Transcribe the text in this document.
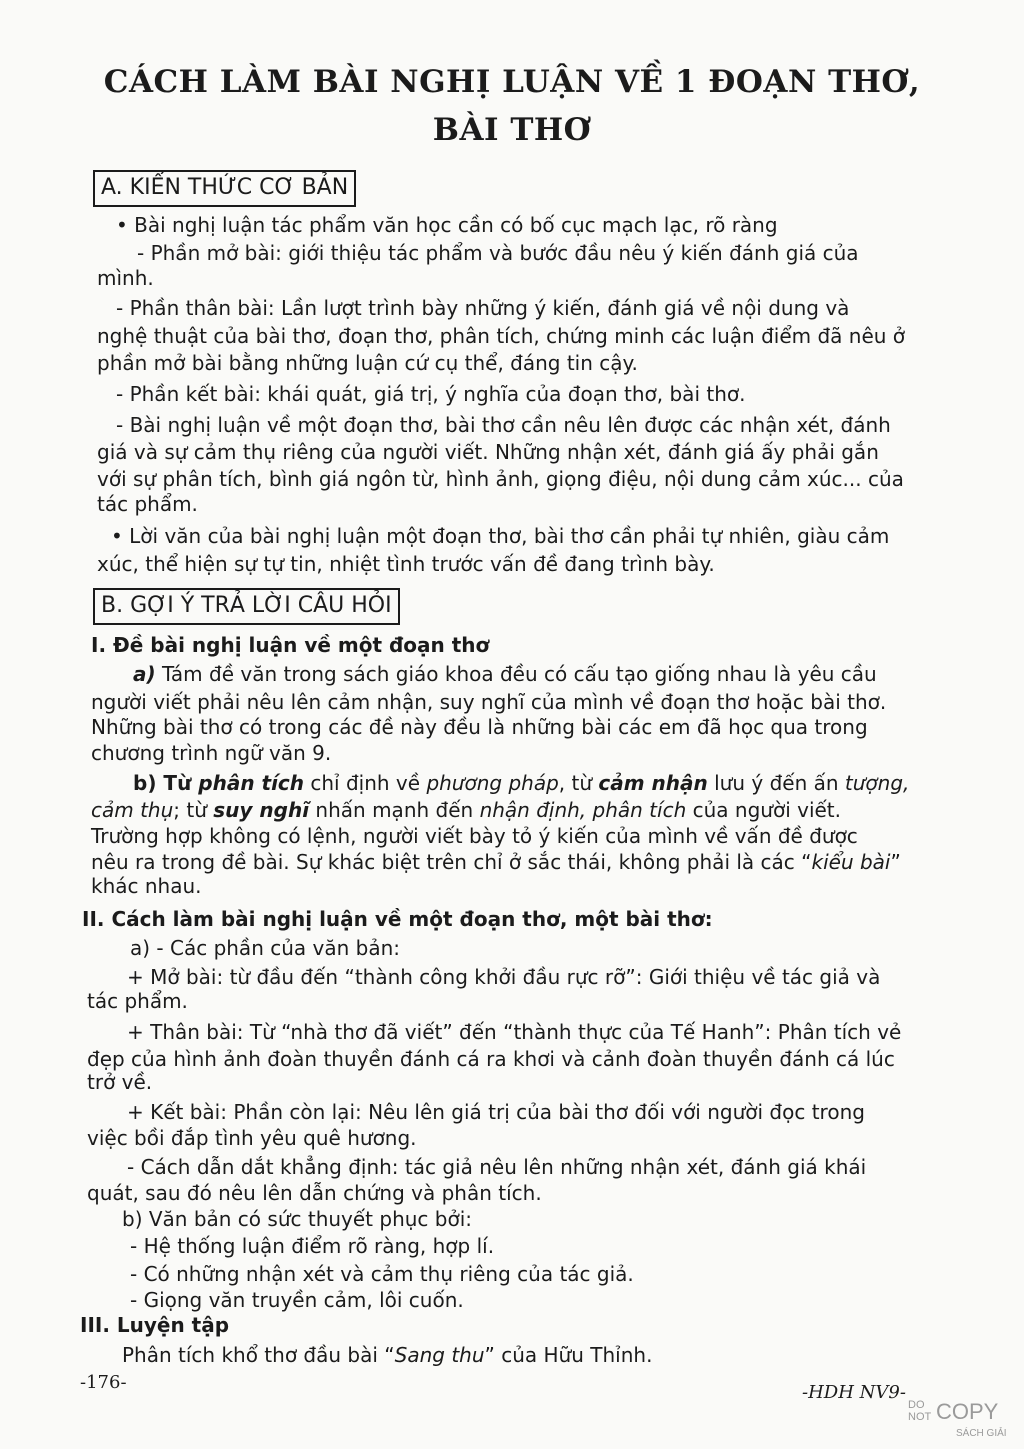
CÁCH LÀM BÀI NGHỊ LUẬN VỀ 1 ĐOẠN THƠ,
BÀI THƠ
A. KIẾN THỨC CƠ BẢN
• Bài nghị luận tác phẩm văn học cần có bố cục mạch lạc, rõ ràng
- Phần mở bài: giới thiệu tác phẩm và bước đầu nêu ý kiến đánh giá của
mình.
- Phần thân bài: Lần lượt trình bày những ý kiến, đánh giá về nội dung và
nghệ thuật của bài thơ, đoạn thơ, phân tích, chứng minh các luận điểm đã nêu ở
phần mở bài bằng những luận cứ cụ thể, đáng tin cậy.
- Phần kết bài: khái quát, giá trị, ý nghĩa của đoạn thơ, bài thơ.
- Bài nghị luận về một đoạn thơ, bài thơ cần nêu lên được các nhận xét, đánh
giá và sự cảm thụ riêng của người viết. Những nhận xét, đánh giá ấy phải gắn
với sự phân tích, bình giá ngôn từ, hình ảnh, giọng điệu, nội dung cảm xúc... của
tác phẩm.
• Lời văn của bài nghị luận một đoạn thơ, bài thơ cần phải tự nhiên, giàu cảm
xúc, thể hiện sự tự tin, nhiệt tình trước vấn đề đang trình bày.
B. GỢI Ý TRẢ LỜI CÂU HỎI
I. Đề bài nghị luận về một đoạn thơ
a) Tám đề văn trong sách giáo khoa đều có cấu tạo giống nhau là yêu cầu
người viết phải nêu lên cảm nhận, suy nghĩ của mình về đoạn thơ hoặc bài thơ.
Những bài thơ có trong các đề này đều là những bài các em đã học qua trong
chương trình ngữ văn 9.
b) Từ phân tích chỉ định về phương pháp, từ cảm nhận lưu ý đến ấn tượng,
cảm thụ; từ suy nghĩ nhấn mạnh đến nhận định, phân tích của người viết.
Trường hợp không có lệnh, người viết bày tỏ ý kiến của mình về vấn đề được
nêu ra trong đề bài. Sự khác biệt trên chỉ ở sắc thái, không phải là các “kiểu bài”
khác nhau.
II. Cách làm bài nghị luận về một đoạn thơ, một bài thơ:
a) - Các phần của văn bản:
+ Mở bài: từ đầu đến “thành công khởi đầu rực rỡ”: Giới thiệu về tác giả và
tác phẩm.
+ Thân bài: Từ “nhà thơ đã viết” đến “thành thực của Tế Hanh”: Phân tích vẻ
đẹp của hình ảnh đoàn thuyền đánh cá ra khơi và cảnh đoàn thuyền đánh cá lúc
trở về.
+ Kết bài: Phần còn lại: Nêu lên giá trị của bài thơ đối với người đọc trong
việc bồi đắp tình yêu quê hương.
- Cách dẫn dắt khẳng định: tác giả nêu lên những nhận xét, đánh giá khái
quát, sau đó nêu lên dẫn chứng và phân tích.
b) Văn bản có sức thuyết phục bởi:
- Hệ thống luận điểm rõ ràng, hợp lí.
- Có những nhận xét và cảm thụ riêng của tác giả.
- Giọng văn truyền cảm, lôi cuốn.
III. Luyện tập
Phân tích khổ thơ đầu bài “Sang thu” của Hữu Thỉnh.
-176-	-HDH NV9-
DO
NOT COPY
SÁCH GIẢI
